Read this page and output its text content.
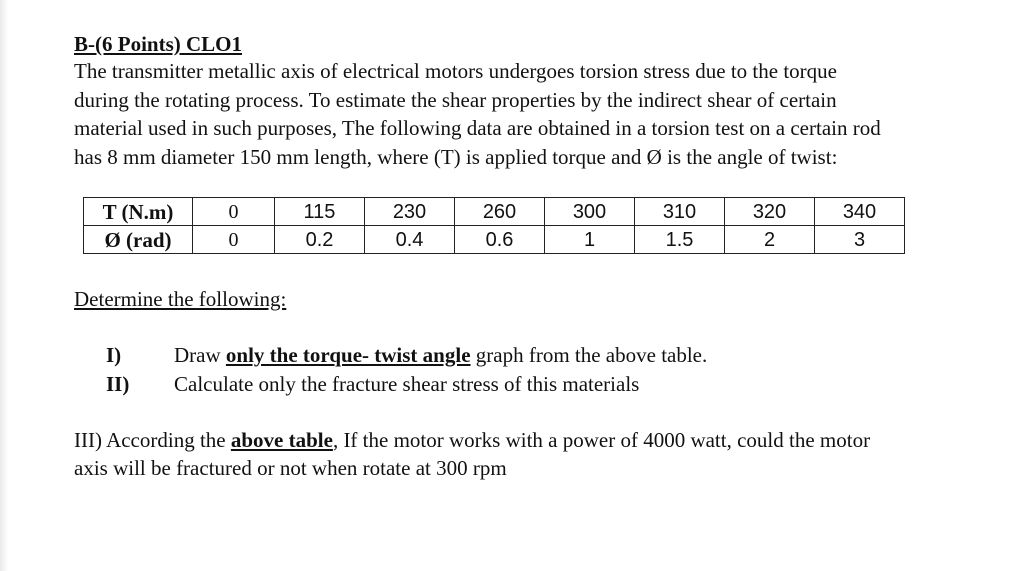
B-(6 Points) CLO1
The transmitter metallic axis of electrical motors undergoes torsion stress due to the torque
during the rotating process. To estimate the shear properties by the indirect shear of certain
material used in such purposes, The following data are obtained in a torsion test on a certain rod
has 8 mm diameter 150 mm length, where (T) is applied torque and Ø is the angle of twist:
T (N.m)	0	115	230	260	300	310	320	340
Ø (rad)	0	0.2	0.4	0.6	1	1.5	2	3
Determine the following:
I)	Draw only the torque- twist angle graph from the above table.
II) Calculate only the fracture shear stress of this materials
III) According the above table, If the motor works with a power of 4000 watt, could the motor
axis will be fractured or not when rotate at 300 rpm
